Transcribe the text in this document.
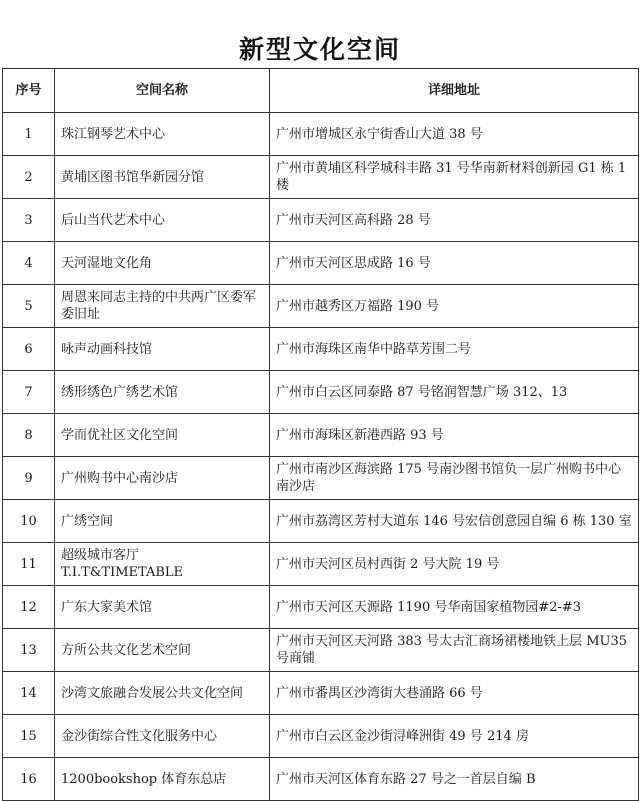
新型文化空间
序号	空间名称	详细地址
1	珠江钢琴艺术中心	广州市增城区永宁街香山大道 38 号
2	黄埔区图书馆华新园分馆	广州市黄埔区科学城科丰路 31 号华南新材料创新园 G1 栋 1 楼
3	后山当代艺术中心	广州市天河区高科路 28 号
4	天河湿地文化角	广州市天河区思成路 16 号
5	周恩来同志主持的中共两广区委军委旧址	广州市越秀区万福路 190 号
6	咏声动画科技馆	广州市海珠区南华中路草芳围二号
7	绣形绣色广绣艺术馆	广州市白云区同泰路 87 号铭润智慧广场 312、13
8	学而优社区文化空间	广州市海珠区新港西路 93 号
9	广州购书中心南沙店	广州市南沙区海滨路 175 号南沙图书馆负一层广州购书中心南沙店
10	广绣空间	广州市荔湾区芳村大道东 146 号宏信创意园自编 6 栋 130 室
11	超级城市客厅 T.I.T&TIMETABLE	广州市天河区员村西街 2 号大院 19 号
12	广东大家美术馆	广州市天河区天源路 1190 号华南国家植物园#2-#3
13	方所公共文化艺术空间	广州市天河区天河路 383 号太古汇商场裙楼地铁上层 MU35 号商铺
14	沙湾文旅融合发展公共文化空间	广州市番禺区沙湾街大巷涌路 66 号
15	金沙街综合性文化服务中心	广州市白云区金沙街浔峰洲街 49 号 214 房
16	1200bookshop 体育东总店	广州市天河区体育东路 27 号之一首层自编 B
